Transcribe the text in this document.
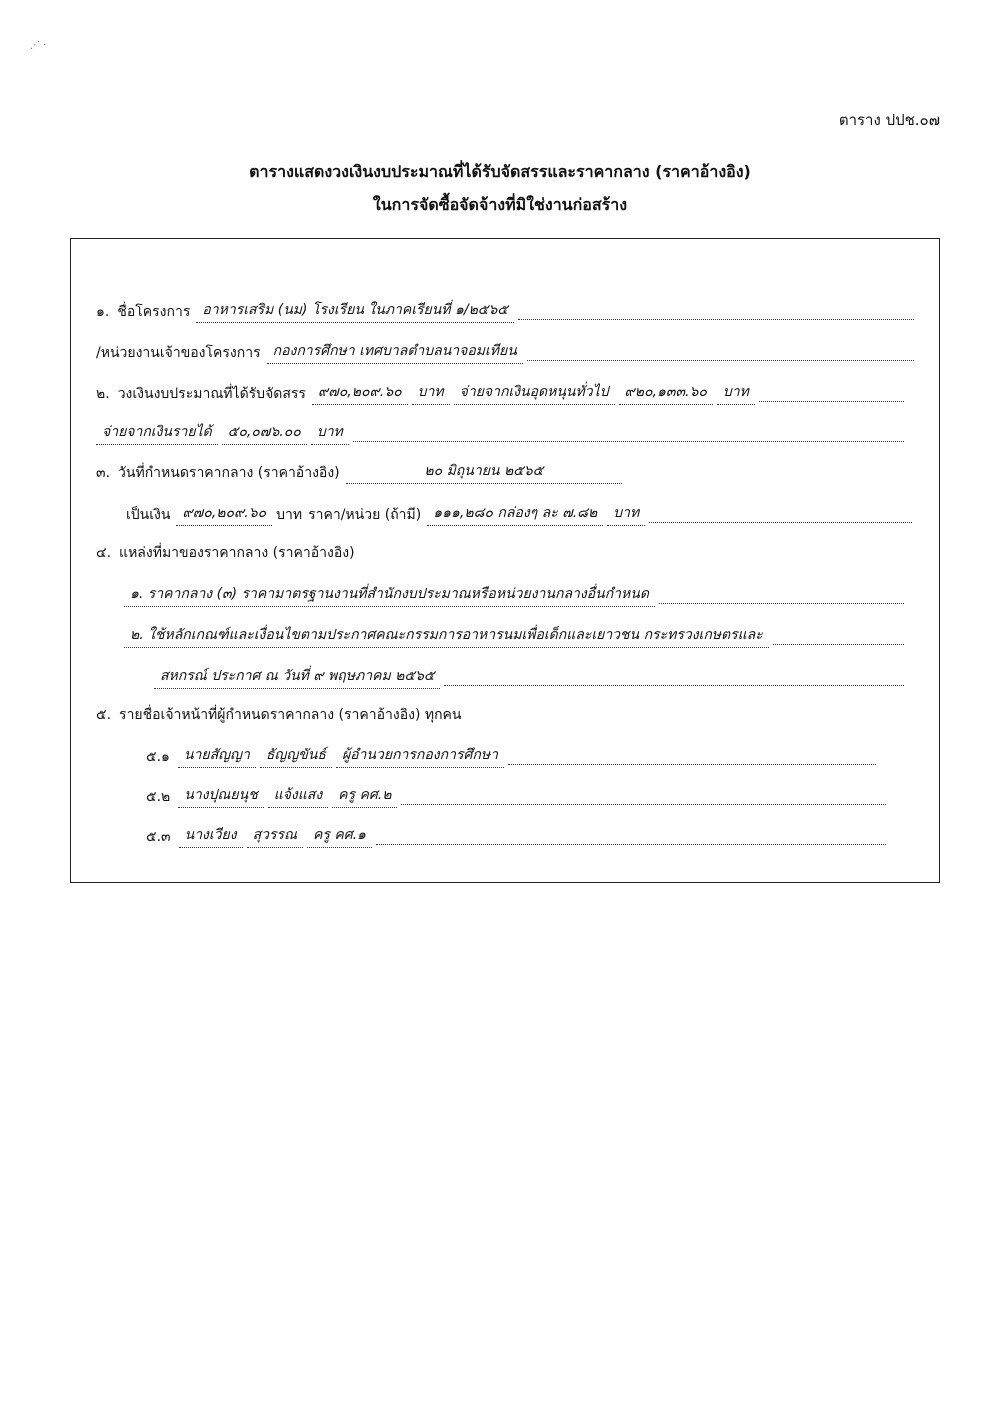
⋰ ·
ตาราง ปปช.๐๗
ตารางแสดงวงเงินงบประมาณที่ได้รับจัดสรรและราคากลาง (ราคาอ้างอิง)
ในการจัดซื้อจัดจ้างที่มิใช่งานก่อสร้าง
๑. ชื่อโครงการ อาหารเสริม (นม) โรงเรียน ในภาคเรียนที่ ๑/๒๕๖๕
/หน่วยงานเจ้าของโครงการ กองการศึกษา เทศบาลตำบลนาจอมเทียน
๒. วงเงินงบประมาณที่ได้รับจัดสรร ๙๗๐,๒๐๙.๖๐	บาท	จ่ายจากเงินอุดหนุนทั่วไป	๙๒๐,๑๓๓.๖๐	บาท
จ่ายจากเงินรายได้	๕๐,๐๗๖.๐๐	บาท
๓. วันที่กำหนดราคากลาง (ราคาอ้างอิง)	๒๐ มิถุนายน ๒๕๖๕
เป็นเงิน ๙๗๐,๒๐๙.๖๐ บาท ราคา/หน่วย (ถ้ามี) ๑๑๑,๒๘๐ กล่องๆ ละ ๗.๘๒	บาท
๔. แหล่งที่มาของราคากลาง (ราคาอ้างอิง)
๑. ราคากลาง (๓) ราคามาตรฐานงานที่สำนักงบประมาณหรือหน่วยงานกลางอื่นกำหนด
๒. ใช้หลักเกณฑ์และเงื่อนไขตามประกาศคณะกรรมการอาหารนมเพื่อเด็กและเยาวชน กระทรวงเกษตรและ
สหกรณ์ ประกาศ ณ วันที่ ๙ พฤษภาคม ๒๕๖๕
๕. รายชื่อเจ้าหน้าที่ผู้กำหนดราคากลาง (ราคาอ้างอิง) ทุกคน
๕.๑	นายสัญญา	ธัญญขันธ์	ผู้อำนวยการกองการศึกษา
๕.๒	นางปุณยนุช	แจ้งแสง	ครู คศ.๒
๕.๓	นางเวียง	สุวรรณ	ครู คศ.๑
